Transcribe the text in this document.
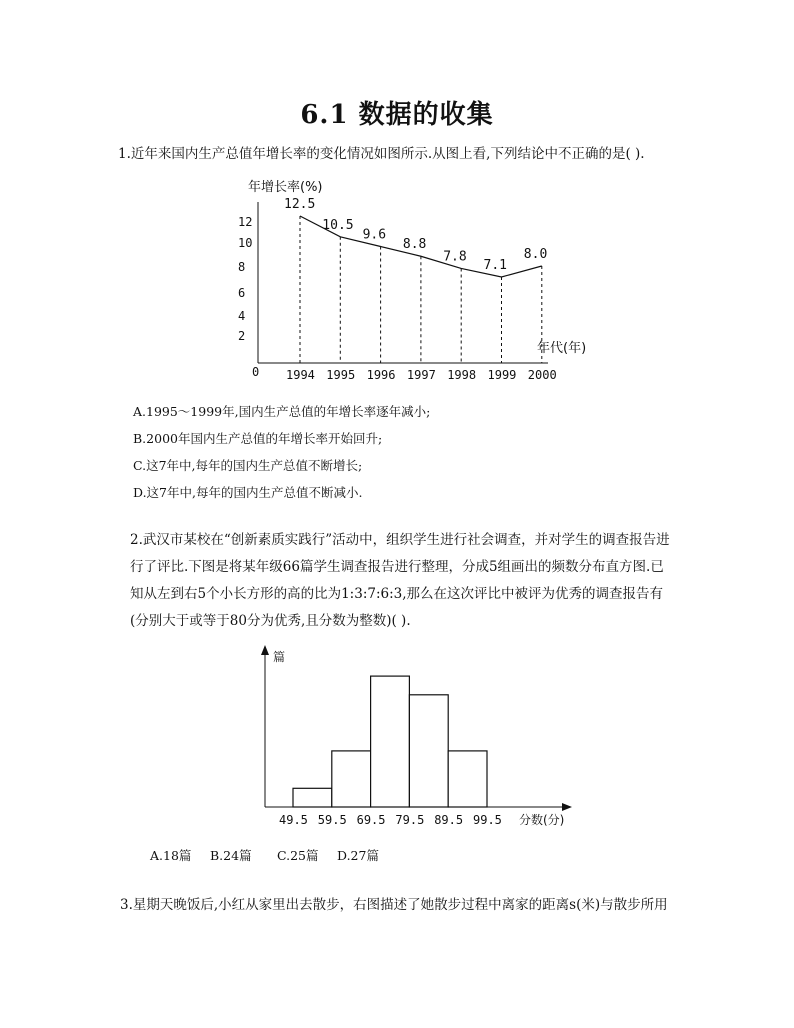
6.1 数据的收集
1.近年来国内生产总值年增长率的变化情况如图所示.从图上看,下列结论中不正确的是( ).
年增长率(%)
年代(年)
0
2
4
6
8
10
12
1994
12.5
1995
10.5
1996
9.6
1997
8.8
1998
7.8
1999
7.1
2000
8.0
A.1995～1999年,国内生产总值的年增长率逐年减小;
B.2000年国内生产总值的年增长率开始回升;
C.这7年中,每年的国内生产总值不断增长;
D.这7年中,每年的国内生产总值不断减小.
2.武汉市某校在“创新素质实践行”活动中，组织学生进行社会调查，并对学生的调查报告进
行了评比.下图是将某年级66篇学生调查报告进行整理，分成5组画出的频数分布直方图.已
知从左到右5个小长方形的高的比为1:3:7:6:3,那么在这次评比中被评为优秀的调查报告有
(分别大于或等于80分为优秀,且分数为整数)( ).
篇
分数(分)
49.5 59.5 69.5 79.5 89.5 99.5
A.18篇 B.24篇 C.25篇 D.27篇
3.星期天晚饭后,小红从家里出去散步，右图描述了她散步过程中离家的距离s(米)与散步所用
